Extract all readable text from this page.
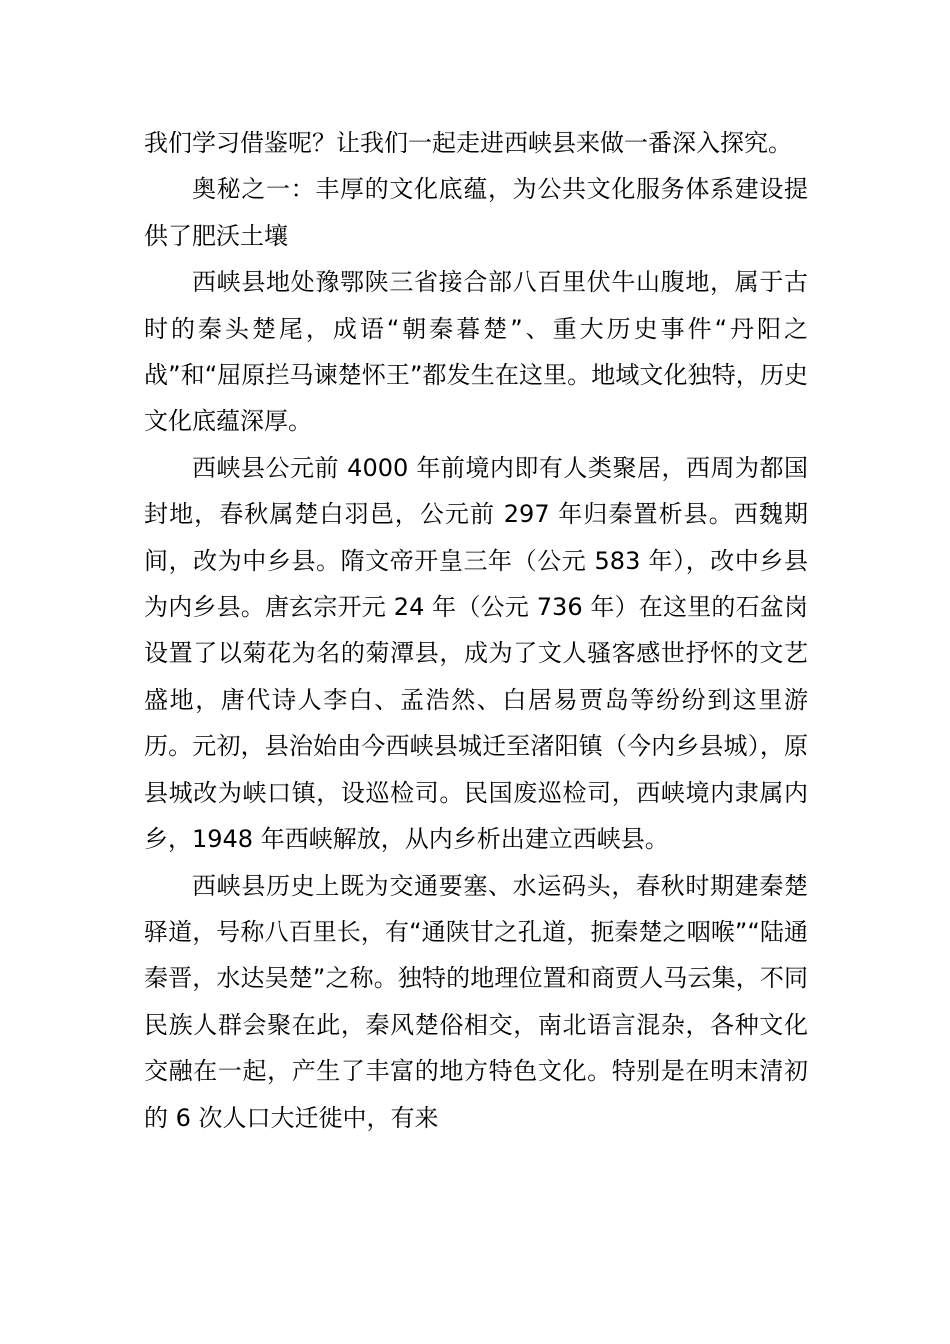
我们学习借鉴呢？让我们一起走进西峡县来做一番深入探究。

奥秘之一：丰厚的文化底蕴，为公共文化服务体系建设提供了肥沃土壤

西峡县地处豫鄂陕三省接合部八百里伏牛山腹地，属于古时的秦头楚尾，成语“朝秦暮楚”、重大历史事件“丹阳之战”和“屈原拦马谏楚怀王”都发生在这里。地域文化独特，历史文化底蕴深厚。

西峡县公元前 4000 年前境内即有人类聚居，西周为都国封地，春秋属楚白羽邑，公元前 297 年归秦置析县。西魏期间，改为中乡县。隋文帝开皇三年（公元 583 年），改中乡县为内乡县。唐玄宗开元 24 年（公元 736 年）在这里的石盆岗设置了以菊花为名的菊潭县，成为了文人骚客感世抒怀的文艺盛地，唐代诗人李白、孟浩然、白居易贾岛等纷纷到这里游历。元初，县治始由今西峡县城迁至渚阳镇（今内乡县城），原县城改为峡口镇，设巡检司。民国废巡检司，西峡境内隶属内乡，1948 年西峡解放，从内乡析出建立西峡县。

西峡县历史上既为交通要塞、水运码头，春秋时期建秦楚驿道，号称八百里长，有“通陕甘之孔道，扼秦楚之咽喉”“陆通秦晋，水达吴楚”之称。独特的地理位置和商贾人马云集，不同民族人群会聚在此，秦风楚俗相交，南北语言混杂，各种文化交融在一起，产生了丰富的地方特色文化。特别是在明末清初的 6 次人口大迁徙中，有来
